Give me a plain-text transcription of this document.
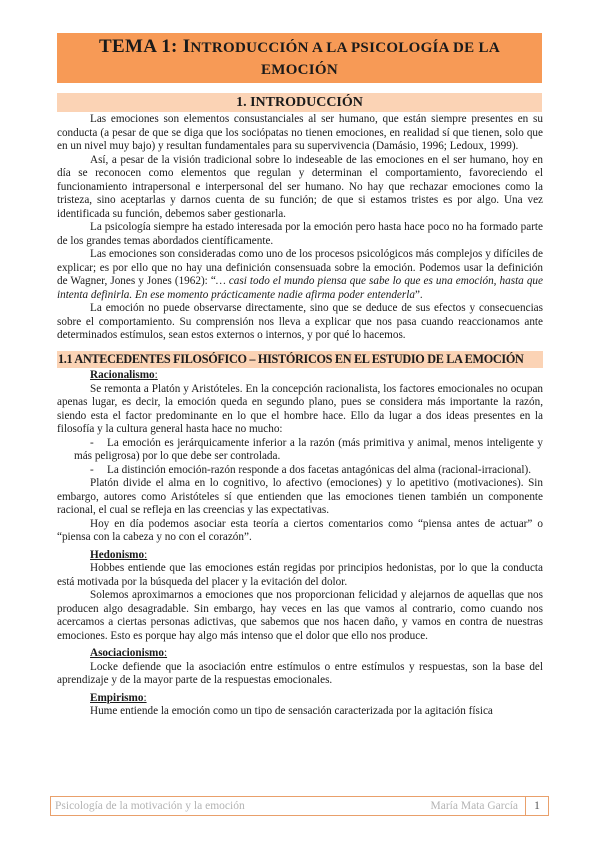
TEMA 1: INTRODUCCIÓN A LA PSICOLOGÍA DE LA
EMOCIÓN
1. INTRODUCCIÓN

Las emociones son elementos consustanciales al ser humano, que están siempre presentes en su conducta (a pesar de que se diga que los sociópatas no tienen emociones, en realidad sí que tienen, solo que en un nivel muy bajo) y resultan fundamentales para su supervivencia (Damásio, 1996; Ledoux, 1999).

Así, a pesar de la visión tradicional sobre lo indeseable de las emociones en el ser humano, hoy en día se reconocen como elementos que regulan y determinan el comportamiento, favoreciendo el funcionamiento intrapersonal e interpersonal del ser humano. No hay que rechazar emociones como la tristeza, sino aceptarlas y darnos cuenta de su función; de que si estamos tristes es por algo. Una vez identificada su función, debemos saber gestionarla.

La psicología siempre ha estado interesada por la emoción pero hasta hace poco no ha formado parte de los grandes temas abordados científicamente.

Las emociones son consideradas como uno de los procesos psicológicos más complejos y difíciles de explicar; es por ello que no hay una definición consensuada sobre la emoción. Podemos usar la definición de Wagner, Jones y Jones (1962): “… casi todo el mundo piensa que sabe lo que es una emoción, hasta que intenta definirla. En ese momento prácticamente nadie afirma poder entenderla”.

La emoción no puede observarse directamente, sino que se deduce de sus efectos y consecuencias sobre el comportamiento. Su comprensión nos lleva a explicar que nos pasa cuando reaccionamos ante determinados estímulos, sean estos externos o internos, y por qué lo hacemos.

1.1 ANTECEDENTES FILOSÓFICO – HISTÓRICOS EN EL ESTUDIO DE LA EMOCIÓN

Racionalismo:

Se remonta a Platón y Aristóteles. En la concepción racionalista, los factores emocionales no ocupan apenas lugar, es decir, la emoción queda en segundo plano, pues se considera más importante la razón, siendo esta el factor predominante en lo que el hombre hace. Ello da lugar a dos ideas presentes en la filosofía y la cultura general hasta hace no mucho:

- La emoción es jerárquicamente inferior a la razón (más primitiva y animal, menos inteligente y más peligrosa) por lo que debe ser controlada.

- La distinción emoción-razón responde a dos facetas antagónicas del alma (racional-irracional).

Platón divide el alma en lo cognitivo, lo afectivo (emociones) y lo apetitivo (motivaciones). Sin embargo, autores como Aristóteles sí que entienden que las emociones tienen también un componente racional, el cual se refleja en las creencias y las expectativas.

Hoy en día podemos asociar esta teoría a ciertos comentarios como “piensa antes de actuar” o “piensa con la cabeza y no con el corazón”.

Hedonismo:

Hobbes entiende que las emociones están regidas por principios hedonistas, por lo que la conducta está motivada por la búsqueda del placer y la evitación del dolor.

Solemos aproximarnos a emociones que nos proporcionan felicidad y alejarnos de aquellas que nos producen algo desagradable. Sin embargo, hay veces en las que vamos al contrario, como cuando nos acercamos a ciertas personas adictivas, que sabemos que nos hacen daño, y vamos en contra de nuestras emociones. Esto es porque hay algo más intenso que el dolor que ello nos produce.

Asociacionismo:

Locke defiende que la asociación entre estímulos o entre estímulos y respuestas, son la base del aprendizaje y de la mayor parte de la respuestas emocionales.

Empirismo:

Hume entiende la emoción como un tipo de sensación caracterizada por la agitación física

Psicología de la motivación y la emoción	María Mata García	1
